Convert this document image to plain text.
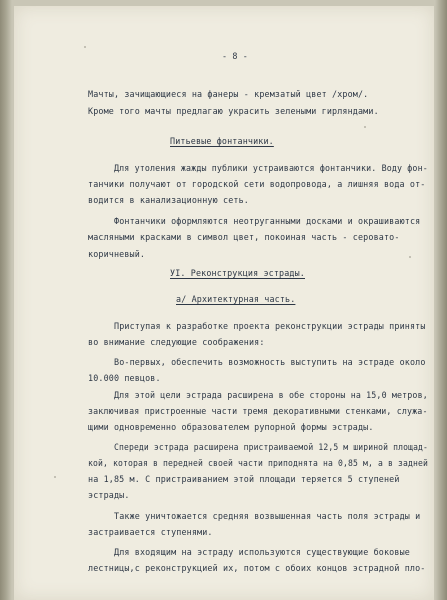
- 8 -
Мачты, зачищающиеся на фанеры - кремзатый цвет /хром/.
Кроме того мачты предлагаю украсить зелеными гирляндами.
Питьевые фонтанчики.
Для утоления жажды публики устраиваются фонтанчики. Воду фон-
танчики получают от городской сети водопровода, а лишняя вода от-
водится в канализационную сеть.
Фонтанчики оформляются неотруганными досками и окрашиваются
масляными красками в символ цвет, покоиная часть - серовато-
коричневый.
УI. Реконструкция эстрады.
а/ Архитектурная часть.
Приступая к разработке проекта реконструкции эстрады приняты
во внимание следующие соображения:
Во-первых, обеспечить возможность выступить на эстраде около
10.000 певцов.
Для этой цели эстрада расширена в обе стороны на 15,0 метров,
заключивая пристроенные части тремя декоративными стенками, служа-
щими одновременно образователем рупорной формы эстрады.
Спереди эстрада расширена пристраиваемой 12,5 м шириной площад-
кой, которая в передней своей части приподнята на 0,85 м, а в задней
на 1,85 м. С пристраиванием этой площади теряется 5 ступеней
эстрады.
Также уничтожается средняя возвышенная часть поля эстрады и
застраивается ступенями.
Для входящим на эстраду используются существующие боковые
лестницы,с реконструкцией их, потом с обоих концов эстрадной пло-
